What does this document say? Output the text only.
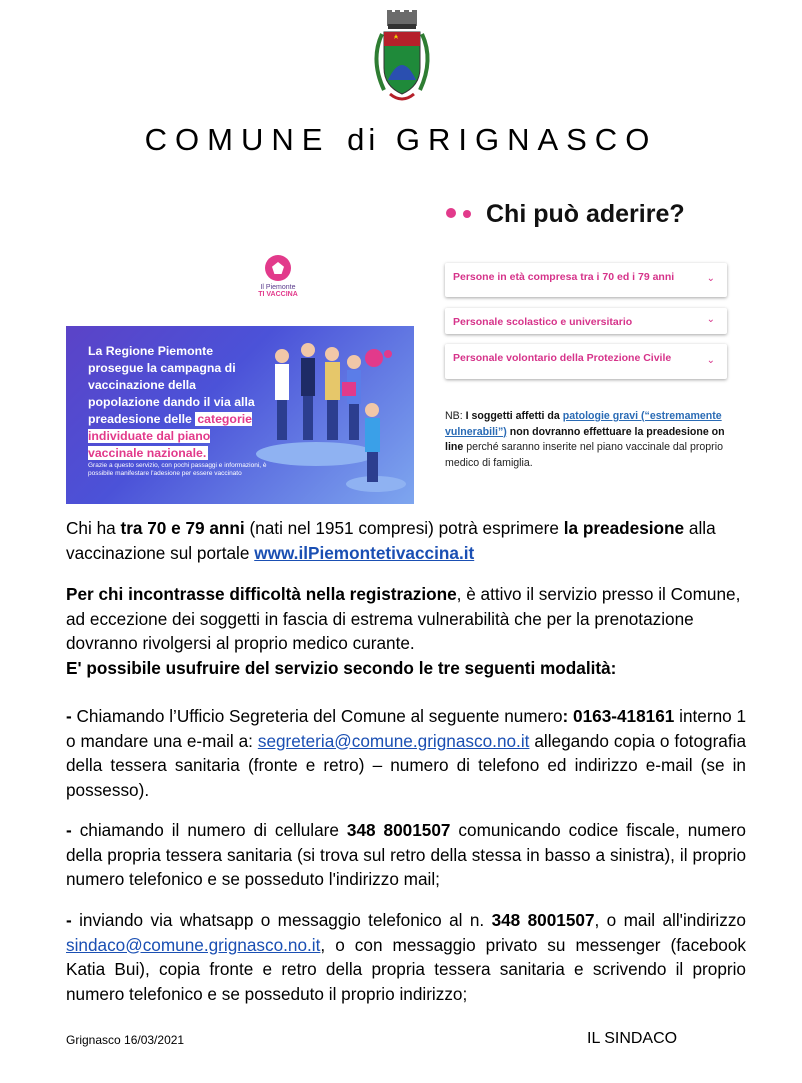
COMUNE di GRIGNASCO
Il Piemonte
TI VACCINA
La Regione Piemonte prosegue la campagna di vaccinazione della popolazione dando il via alla preadesione delle categorie individuate dal piano vaccinale nazionale.
Grazie a questo servizio, con pochi passaggi e informazioni, è possibile manifestare l'adesione per essere vaccinato

Chi può aderire?
Persone in età compresa tra i 70 ed i 79 anni	⌄
Personale scolastico e universitario	⌄
Personale volontario della Protezione Civile	⌄
NB: I soggetti affetti da patologie gravi (“estremamente vulnerabili”) non dovranno effettuare la preadesione on line perché saranno inserite nel piano vaccinale dal proprio medico di famiglia.
Chi ha tra 70 e 79 anni (nati nel 1951 compresi) potrà esprimere la preadesione alla vaccinazione sul portale www.ilPiemontetivaccina.it
Per chi incontrasse difficoltà nella registrazione, è attivo il servizio presso il Comune, ad eccezione dei soggetti in fascia di estrema vulnerabilità che per la prenotazione dovranno rivolgersi al proprio medico curante.
E' possibile usufruire del servizio secondo le tre seguenti modalità:
- Chiamando l’Ufficio Segreteria del Comune al seguente numero: 0163-418161 interno 1 o mandare una e-mail a: segreteria@comune.grignasco.no.it allegando copia o fotografia della tessera sanitaria (fronte e retro) – numero di telefono ed indirizzo e-mail (se in possesso).
- chiamando il numero di cellulare 348 8001507 comunicando codice fiscale, numero della propria tessera sanitaria (si trova sul retro della stessa in basso a sinistra), il proprio numero telefonico e se posseduto l'indirizzo mail;
- inviando via whatsapp o messaggio telefonico al n. 348 8001507, o mail all'indirizzo sindaco@comune.grignasco.no.it, o con messaggio privato su messenger (facebook Katia Bui), copia fronte e retro della propria tessera sanitaria e scrivendo il proprio numero telefonico e se posseduto il proprio indirizzo;
Grignasco 16/03/2021	IL SINDACO
